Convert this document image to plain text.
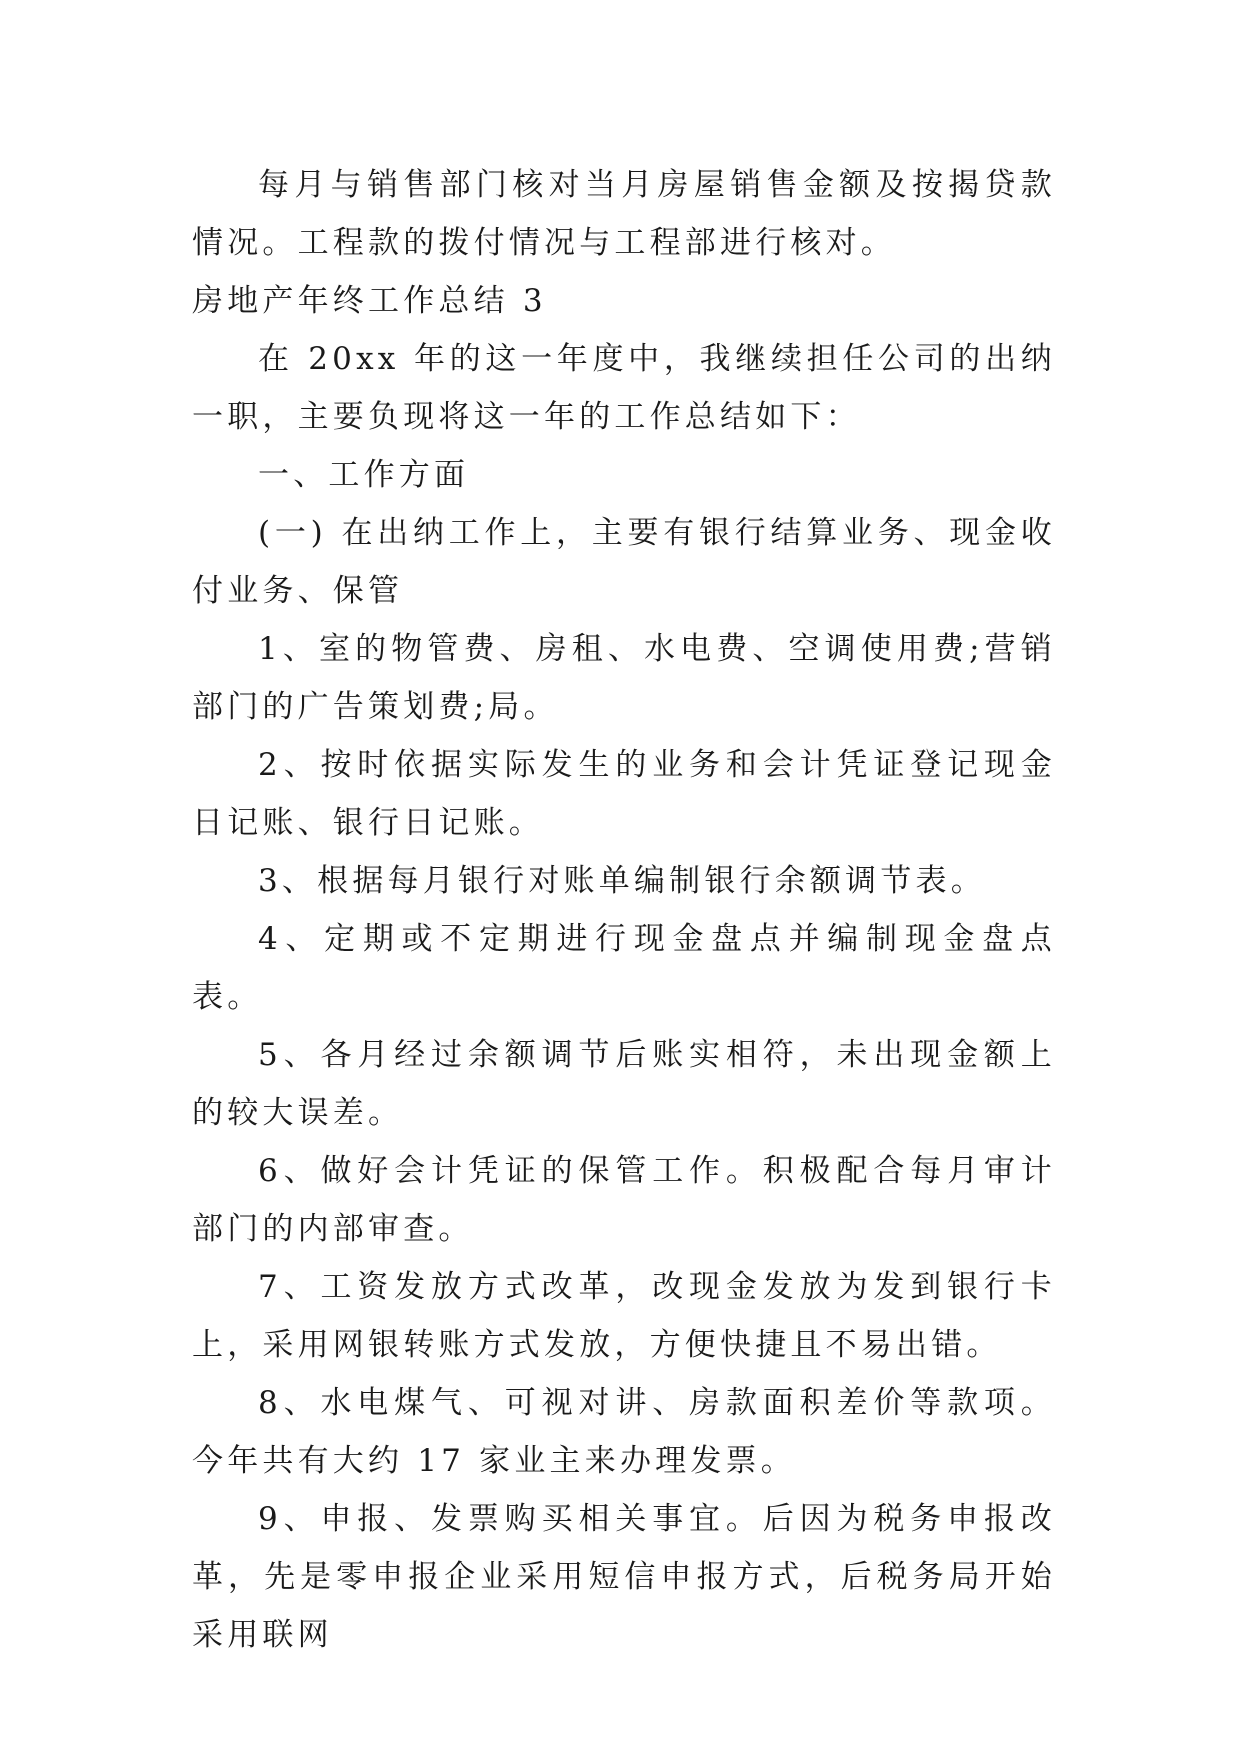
每月与销售部门核对当月房屋销售金额及按揭贷款情况。工程款的拨付情况与工程部进行核对。

房地产年终工作总结 3

在 20xx 年的这一年度中，我继续担任公司的出纳一职，主要负现将这一年的工作总结如下：

一、工作方面

(一) 在出纳工作上，主要有银行结算业务、现金收付业务、保管

1、室的物管费、房租、水电费、空调使用费;营销部门的广告策划费;局。

2、按时依据实际发生的业务和会计凭证登记现金日记账、银行日记账。

3、根据每月银行对账单编制银行余额调节表。

4、定期或不定期进行现金盘点并编制现金盘点表。

5、各月经过余额调节后账实相符，未出现金额上的较大误差。

6、做好会计凭证的保管工作。积极配合每月审计部门的内部审查。

7、工资发放方式改革，改现金发放为发到银行卡上，采用网银转账方式发放，方便快捷且不易出错。

8、水电煤气、可视对讲、房款面积差价等款项。今年共有大约 17 家业主来办理发票。

9、申报、发票购买相关事宜。后因为税务申报改革，先是零申报企业采用短信申报方式，后税务局开始采用联网
